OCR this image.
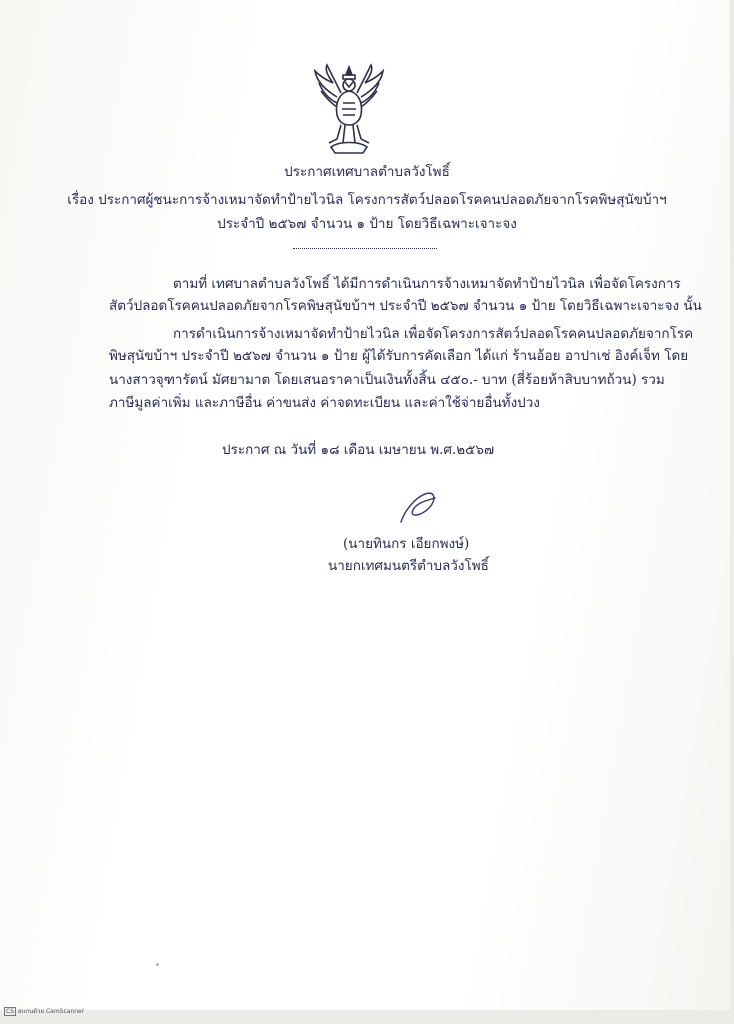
ประกาศเทศบาลตำบลวังโพธิ์
เรื่อง ประกาศผู้ชนะการจ้างเหมาจัดทำป้ายไวนิล โครงการสัตว์ปลอดโรคคนปลอดภัยจากโรคพิษสุนัขบ้าฯ
ประจำปี ๒๕๖๗ จำนวน ๑ ป้าย โดยวิธีเฉพาะเจาะจง
ตามที่ เทศบาลตำบลวังโพธิ์ ได้มีการดำเนินการจ้างเหมาจัดทำป้ายไวนิล เพื่อจัดโครงการ
สัตว์ปลอดโรคคนปลอดภัยจากโรคพิษสุนัขบ้าฯ ประจำปี ๒๕๖๗ จำนวน ๑ ป้าย โดยวิธีเฉพาะเจาะจง นั้น
การดำเนินการจ้างเหมาจัดทำป้ายไวนิล เพื่อจัดโครงการสัตว์ปลอดโรคคนปลอดภัยจากโรค
พิษสุนัขบ้าฯ ประจำปี ๒๕๖๗ จำนวน ๑ ป้าย ผู้ได้รับการคัดเลือก ได้แก่ ร้านอ้อย อาปาเช่ อิงค์เจ็ท โดย
นางสาวจุฑารัตน์ มัศยามาต โดยเสนอราคาเป็นเงินทั้งสิ้น ๔๕๐.- บาท (สี่ร้อยห้าสิบบาทถ้วน) รวม
ภาษีมูลค่าเพิ่ม และภาษีอื่น ค่าขนส่ง ค่าจดทะเบียน และค่าใช้จ่ายอื่นทั้งปวง
ประกาศ ณ วันที่ ๑๘ เดือน เมษายน พ.ศ.๒๕๖๗
(นายทินกร เอียกพงษ์)
นายกเทศมนตรีตำบลวังโพธิ์
CS สแกนด้วย CamScanner
